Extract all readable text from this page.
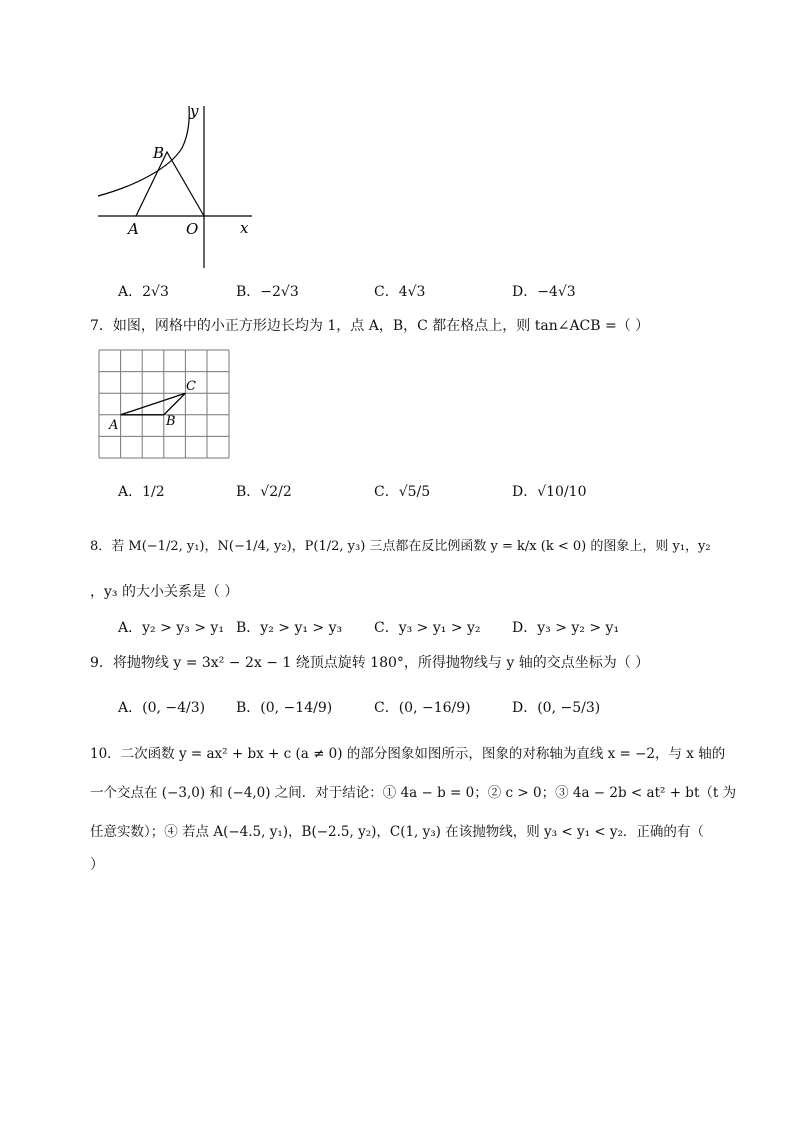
y
x
B
A	O
A．2√3	B．−2√3	C．4√3	D．−4√3
7．如图，网格中的小正方形边长均为 1，点 A，B，C 都在格点上，则 tan∠ACB =（ ）
A	B
C
A．1/2	B．√2/2	C．√5/5	D．√10/10
8．若 M(−1/2, y₁)，N(−1/4, y₂)，P(1/2, y₃) 三点都在反比例函数 y = k/x (k < 0) 的图象上，则 y₁，y₂
，y₃ 的大小关系是（ ）
A．y₂ > y₃ > y₁ B．y₂ > y₁ > y₃ C．y₃ > y₁ > y₂ D．y₃ > y₂ > y₁
9．将抛物线 y = 3x² − 2x − 1 绕顶点旋转 180°，所得抛物线与 y 轴的交点坐标为（ ）
A．(0, −4/3) B．(0, −14/9)	C．(0, −16/9)	D．(0, −5/3)
10．二次函数 y = ax² + bx + c (a ≠ 0) 的部分图象如图所示，图象的对称轴为直线 x = −2，与 x 轴的
一个交点在 (−3,0) 和 (−4,0) 之间．对于结论：① 4a − b = 0；② c > 0；③ 4a − 2b < at² + bt（t 为
任意实数）；④ 若点 A(−4.5, y₁)，B(−2.5, y₂)，C(1, y₃) 在该抛物线，则 y₃ < y₁ < y₂．正确的有（
）
